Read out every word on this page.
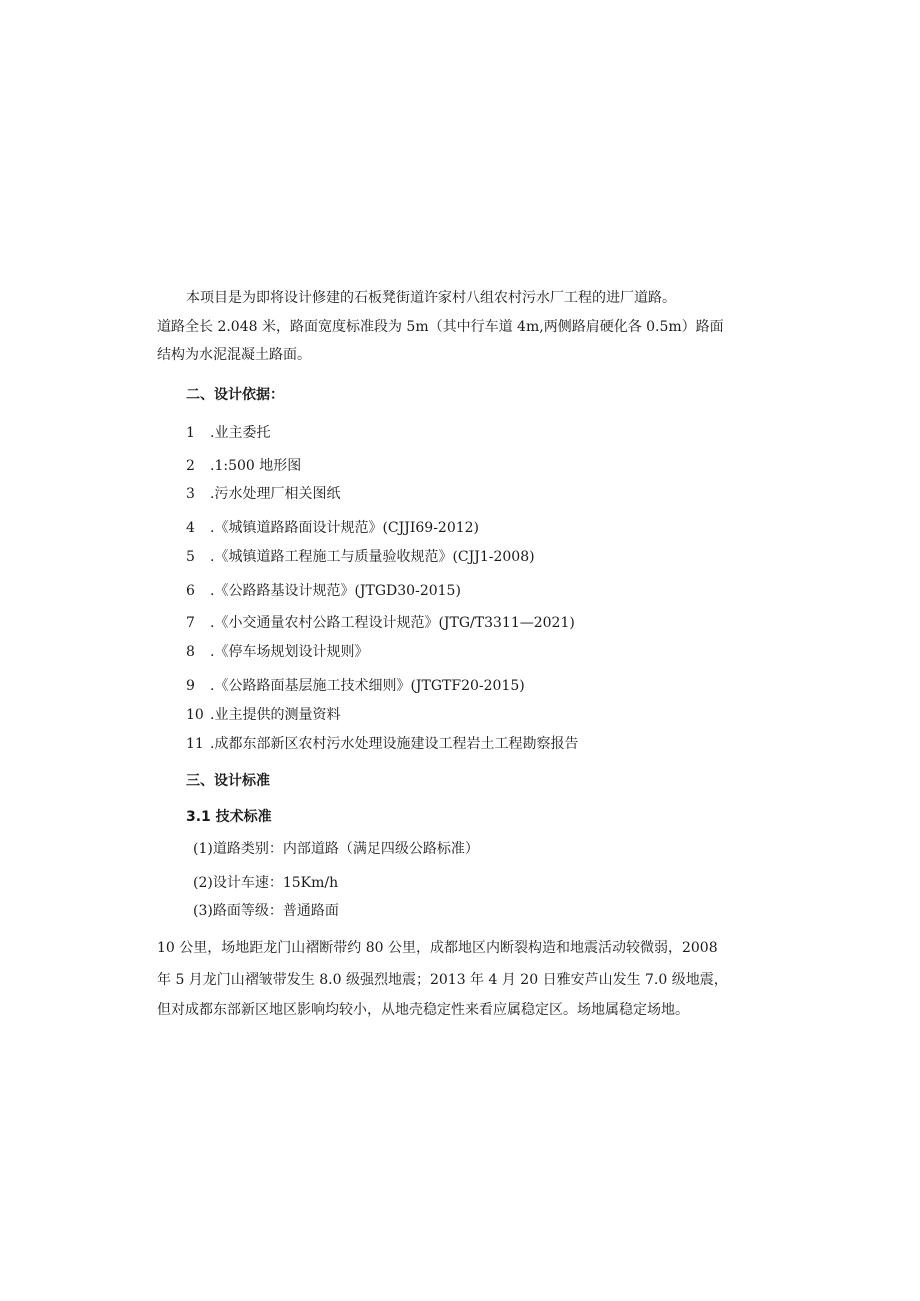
本项目是为即将设计修建的石板凳街道许家村八组农村污水厂工程的进厂道路。
道路全长 2.048 米，路面宽度标准段为 5m（其中行车道 4m,两侧路肩硬化各 0.5m）路面
结构为水泥混凝土路面。
二、设计依据：
1 .业主委托
2 .1:500 地形图
3 .污水处理厂相关图纸
4 .《城镇道路路面设计规范》(CJJI69-2012)
5 .《城镇道路工程施工与质量验收规范》(CJJ1-2008)
6 .《公路路基设计规范》(JTGD30-2015)
7 .《小交通量农村公路工程设计规范》(JTG/T3311—2021)
8 .《停车场规划设计规则》
9 .《公路路面基层施工技术细则》(JTGTF20-2015)
10 .业主提供的测量资料
11 .成都东部新区农村污水处理设施建设工程岩土工程勘察报告
三、设计标准
3.1 技术标准
(1)道路类别：内部道路（满足四级公路标准）
(2)设计车速：15Km/h
(3)路面等级：普通路面
10 公里，场地距龙门山褶断带约 80 公里，成都地区内断裂构造和地震活动较微弱，2008
年 5 月龙门山褶皱带发生 8.0 级强烈地震；2013 年 4 月 20 日雅安芦山发生 7.0 级地震，
但对成都东部新区地区影响均较小，从地壳稳定性来看应属稳定区。场地属稳定场地。
